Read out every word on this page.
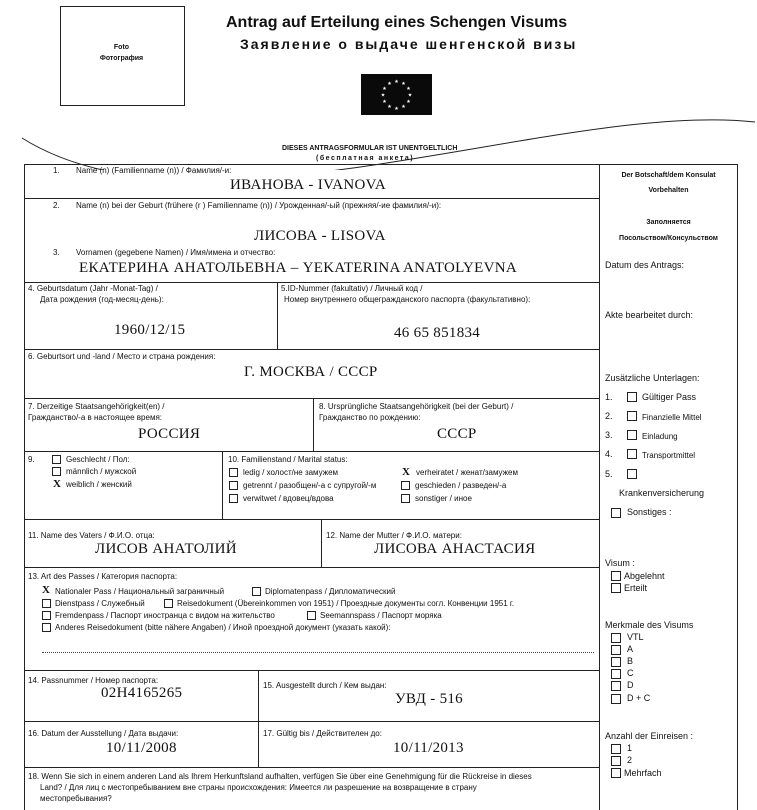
Foto
Фотография
Antrag auf Erteilung eines Schengen Visums
Заявление о выдаче шенгенской визы
★ ★
★
★
★
★
★
★
★
★
★
★
DIESES ANTRAGSFORMULAR IST UNENTGELTLICH
(бесплатная анкета)
1. Name (n) (Familienname (n)) / Фамилия/-и:
ИВАНОВА - IVANOVA
2. Name (n) bei der Geburt (frühere (r ) Familienname (n)) / Урожденная/-ый (прежняя/-ие фамилия/-и):
ЛИСОВА - LISOVA
3. Vornamen (gegebene Namen) / Имя/имена и отчество:
ЕКАТЕРИНА АНАТОЛЬЕВНА – YEKATERINA ANATOLYEVNA
4. Geburtsdatum (Jahr -Monat-Tag) /
Дата рождения (год-месяц-день):
1960/12/15
5.ID-Nummer (fakultativ) / Личный код /
Номер внутреннего общегражданского паспорта (факультативно):
46 65 851834
6. Geburtsort und -land / Место и страна рождения:
Г. МОСКВА / СССР
7. Derzeitige Staatsangehörigkeit(en) /
Гражданство/-а в настоящее время:
РОССИЯ
8. Ursprüngliche Staatsangehörigkeit (bei der Geburt) /
Гражданство по рождению:
СССР
9.	Geschlecht / Пол:
männlich / мужской
X weiblich / женский
10. Familienstand / Marital status:
ledig / холост/не замужем
getrennt / разобщен/-а с супругой/-м
verwitwet / вдовец/вдова
X verheiratet / женат/замужем
geschieden / разведен/-а
sonstiger / иное
11. Name des Vaters / Ф.И.О. отца:
ЛИСОВ АНАТОЛИЙ
12. Name der Mutter / Ф.И.О. матери:
ЛИСОВА АНАСТАСИЯ
13. Art des Passes / Категория паспорта:
X Nationaler Pass / Национальный заграничный	Diplomatenpass / Дипломатический
Dienstpass / Служебный	Reisedokument (Übereinkommen von 1951) / Проездные документы согл. Конвенции 1951 г.
Fremdenpass / Паспорт иностранца с видом на жительство	Seemannspass / Паспорт моряка
Anderes Reisedokument (bitte nähere Angaben) / Иной проездной документ (указать какой):
14. Passnummer / Номер паспорта:
02H4165265	15. Ausgestellt durch / Кем выдан:
УВД - 516
16. Datum der Ausstellung / Дата выдачи:
10/11/2008
17. Gültig bis / Действителен до:
10/11/2013
18. Wenn Sie sich in einem anderen Land als Ihrem Herkunftsland aufhalten, verfügen Sie über eine Genehmigung für die Rückreise in dieses
Land? / Для лиц с местопребыванием вне страны происхождения: Имеется ли разрешение на возвращение в страну
местопребывания?
Der Botschaft/dem Konsulat
Vorbehalten
Заполняется
Посольством/Консульством
Datum des Antrags:
Akte bearbeitet durch:
Zusätzliche Unterlagen:
1.	Gültiger Pass
2.	Finanzielle Mittel
3.	Einladung
4.	Transportmittel
5.
Krankenversicherung
Sonstiges :
Visum :
Abgelehnt
Erteilt
Merkmale des Visums
VTL
A
B
C
D
D + C
Anzahl der Einreisen :
1
2
Mehrfach
